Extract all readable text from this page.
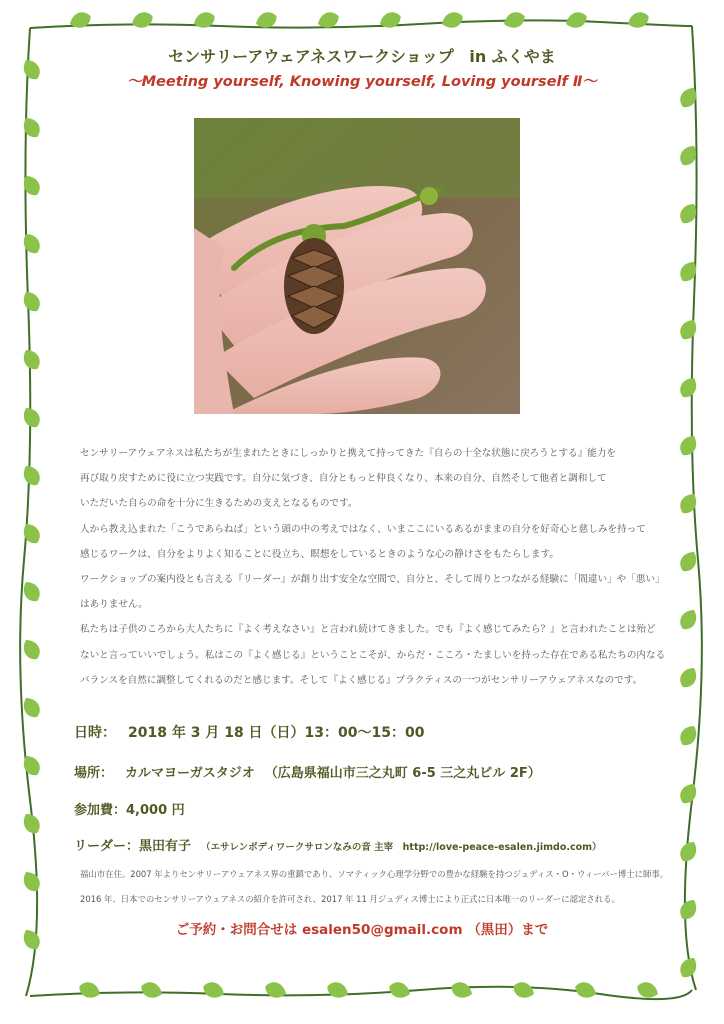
センサリーアウェアネスワークショップ in ふくやま
～Meeting yourself, Knowing yourself, Loving yourself Ⅱ～

センサリーアウェアネスは私たちが生まれたときにしっかりと携えて持ってきた『自らの十全な状態に戻ろうとする』能力を

再び取り戻すために役に立つ実践です。自分に気づき、自分ともっと仲良くなり、本来の自分、自然そして他者と調和して

いただいた自らの命を十分に生きるための支えとなるものです。

人から教え込まれた「こうであらねば」という頭の中の考えではなく、いまここにいるあるがままの自分を好奇心と慈しみを持って

感じるワークは、自分をよりよく知ることに役立ち、瞑想をしているときのような心の静けさをもたらします。

ワークショップの案内役とも言える『リーダー』が創り出す安全な空間で、自分と、そして周りとつながる経験に「間違い」や「悪い」

はありません。

私たちは子供のころから大人たちに『よく考えなさい』と言われ続けてきました。でも『よく感じてみたら？』と言われたことは殆ど

ないと言っていいでしょう。私はこの『よく感じる』ということこそが、からだ・こころ・たましいを持った存在である私たちの内なる

バランスを自然に調整してくれるのだと感じます。そして『よく感じる』プラクティスの一つがセンサリーアウェアネスなのです。

日時： 2018 年 3 月 18 日（日）13：00～15：00
場所： カルマヨーガスタジオ （広島県福山市三之丸町 6-5 三之丸ビル 2F）
参加費：4,000 円
リーダー：黒田有子 （エサレンボディワークサロンなみの音 主宰　http://love-peace-esalen.jimdo.com）
福山市在住。2007 年よりセンサリーアウェアネス界の重鎮であり、ソマティック心理学分野での豊かな経験を持つジュディス・O・ウィーバー博士に師事。
2016 年、日本でのセンサリーアウェアネスの紹介を許可され、2017 年 11 月ジュディス博士により正式に日本唯一のリーダーに認定される。
ご予約・お問合せは esalen50@gmail.com （黒田）まで
